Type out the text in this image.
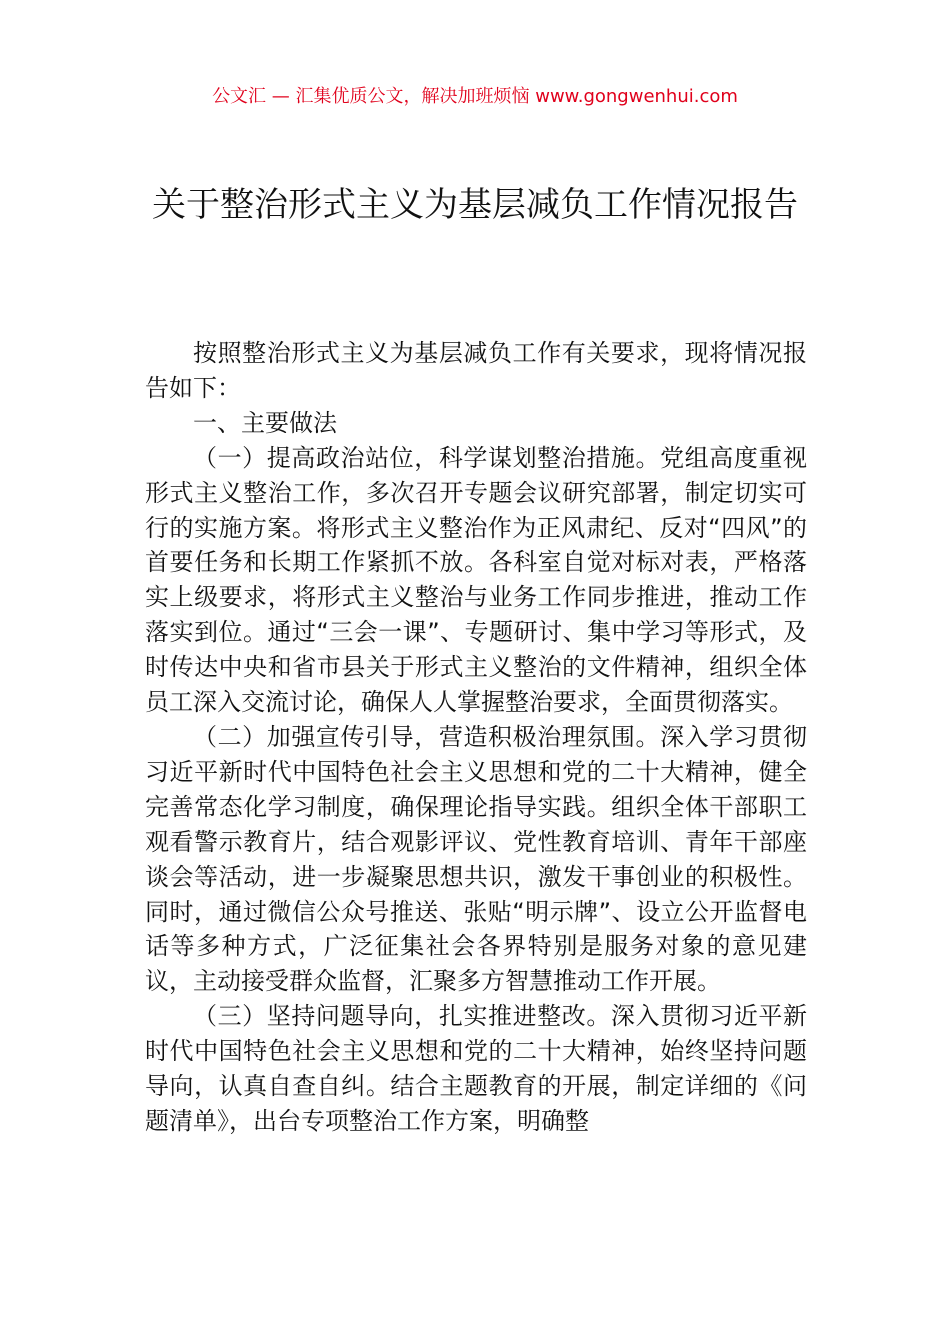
公文汇 — 汇集优质公文，解决加班烦恼 www.gongwenhui.com
关于整治形式主义为基层减负工作情况报告

按照整治形式主义为基层减负工作有关要求，现将情况报告如下：

一、主要做法

（一）提高政治站位，科学谋划整治措施。党组高度重视形式主义整治工作，多次召开专题会议研究部署，制定切实可行的实施方案。将形式主义整治作为正风肃纪、反对“四风”的首要任务和长期工作紧抓不放。各科室自觉对标对表，严格落实上级要求，将形式主义整治与业务工作同步推进，推动工作落实到位。通过“三会一课”、专题研讨、集中学习等形式，及时传达中央和省市县关于形式主义整治的文件精神，组织全体员工深入交流讨论，确保人人掌握整治要求，全面贯彻落实。

（二）加强宣传引导，营造积极治理氛围。深入学习贯彻习近平新时代中国特色社会主义思想和党的二十大精神，健全完善常态化学习制度，确保理论指导实践。组织全体干部职工观看警示教育片，结合观影评议、党性教育培训、青年干部座谈会等活动，进一步凝聚思想共识，激发干事创业的积极性。同时，通过微信公众号推送、张贴“明示牌”、设立公开监督电话等多种方式，广泛征集社会各界特别是服务对象的意见建议，主动接受群众监督，汇聚多方智慧推动工作开展。

（三）坚持问题导向，扎实推进整改。深入贯彻习近平新时代中国特色社会主义思想和党的二十大精神，始终坚持问题导向，认真自查自纠。结合主题教育的开展，制定详细的《问题清单》，出台专项整治工作方案，明确整
